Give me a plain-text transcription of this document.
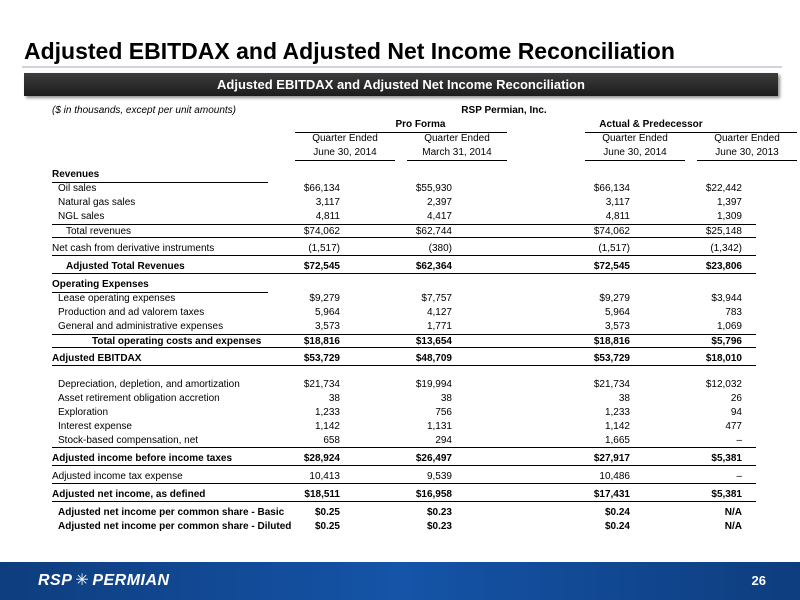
Adjusted EBITDAX and Adjusted Net Income Reconciliation
Adjusted EBITDAX and Adjusted Net Income Reconciliation
($ in thousands, except per unit amounts)	RSP Permian, Inc.
Pro Forma	Actual & Predecessor
Quarter Ended	Quarter Ended	Quarter Ended	Quarter Ended
June 30, 2014	March 31, 2014	June 30, 2014	June 30, 2013
Revenues
Oil sales	$66,134	$55,930	$66,134	$22,442
Natural gas sales	3,117	2,397	3,117	1,397
NGL sales	4,811	4,417	4,811	1,309
Total revenues	$74,062	$62,744	$74,062	$25,148
Net cash from derivative instruments	(1,517)	(380)	(1,517)	(1,342)
Adjusted Total Revenues	$72,545	$62,364	$72,545	$23,806
Operating Expenses
Lease operating expenses	$9,279	$7,757	$9,279	$3,944
Production and ad valorem taxes	5,964	4,127	5,964	783
General and administrative expenses	3,573	1,771	3,573	1,069
Total operating costs and expenses	$18,816	$13,654	$18,816	$5,796
Adjusted EBITDAX	$53,729	$48,709	$53,729	$18,010
Depreciation, depletion, and amortization	$21,734	$19,994	$21,734	$12,032
Asset retirement obligation accretion	38	38	38	26
Exploration	1,233	756	1,233	94
Interest expense	1,142	1,131	1,142	477
Stock-based compensation, net	658	294	1,665	–
Adjusted income before income taxes	$28,924	$26,497	$27,917	$5,381
Adjusted income tax expense	10,413	9,539	10,486	–
Adjusted net income, as defined	$18,511	$16,958	$17,431	$5,381
Adjusted net income per common share - Basic	$0.25	$0.23	$0.24	N/A
Adjusted net income per common share - Diluted	$0.25	$0.23	$0.24	N/A
RSP ✳ PERMIAN	26
